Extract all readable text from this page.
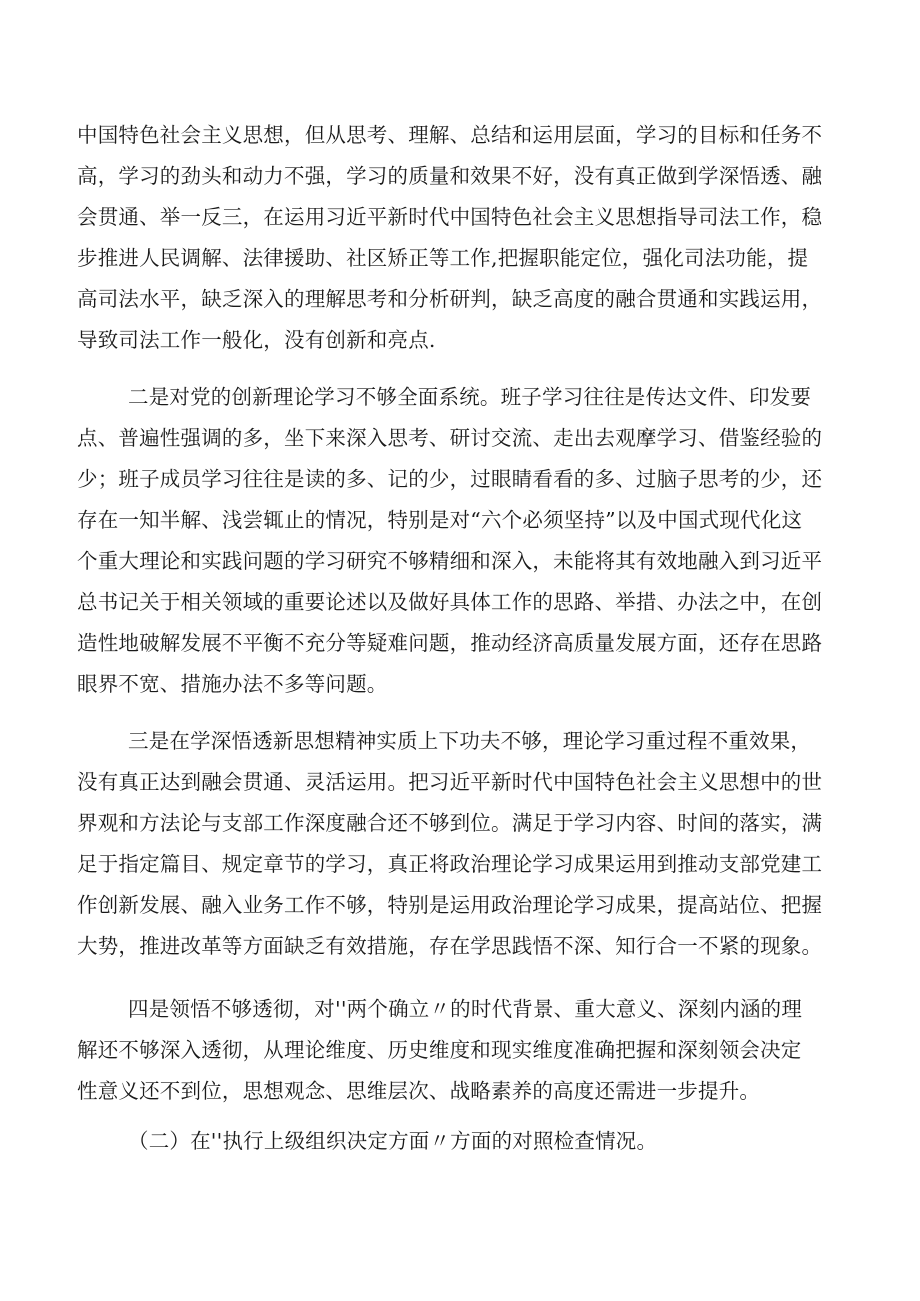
中国特色社会主义思想，但从思考、理解、总结和运用层面，学习的目标和任务不
高，学习的劲头和动力不强，学习的质量和效果不好，没有真正做到学深悟透、融
会贯通、举一反三，在运用习近平新时代中国特色社会主义思想指导司法工作，稳
步推进人民调解、法律援助、社区矫正等工作,把握职能定位，强化司法功能，提
高司法水平，缺乏深入的理解思考和分析研判，缺乏高度的融合贯通和实践运用，
导致司法工作一般化，没有创新和亮点.
二是对党的创新理论学习不够全面系统。班子学习往往是传达文件、印发要
点、普遍性强调的多，坐下来深入思考、研讨交流、走出去观摩学习、借鉴经验的
少；班子成员学习往往是读的多、记的少，过眼睛看看的多、过脑子思考的少，还
存在一知半解、浅尝辄止的情况，特别是对“六个必须坚持”以及中国式现代化这
个重大理论和实践问题的学习研究不够精细和深入，未能将其有效地融入到习近平
总书记关于相关领域的重要论述以及做好具体工作的思路、举措、办法之中，在创
造性地破解发展不平衡不充分等疑难问题，推动经济高质量发展方面，还存在思路
眼界不宽、措施办法不多等问题。
三是在学深悟透新思想精神实质上下功夫不够，理论学习重过程不重效果，
没有真正达到融会贯通、灵活运用。把习近平新时代中国特色社会主义思想中的世
界观和方法论与支部工作深度融合还不够到位。满足于学习内容、时间的落实，满
足于指定篇目、规定章节的学习，真正将政治理论学习成果运用到推动支部党建工
作创新发展、融入业务工作不够，特别是运用政治理论学习成果，提高站位、把握
大势，推进改革等方面缺乏有效措施，存在学思践悟不深、知行合一不紧的现象。
四是领悟不够透彻，对''两个确立〃的时代背景、重大意义、深刻内涵的理
解还不够深入透彻，从理论维度、历史维度和现实维度准确把握和深刻领会决定
性意义还不到位，思想观念、思维层次、战略素养的高度还需进一步提升。
（二）在''执行上级组织决定方面〃方面的对照检查情况。
